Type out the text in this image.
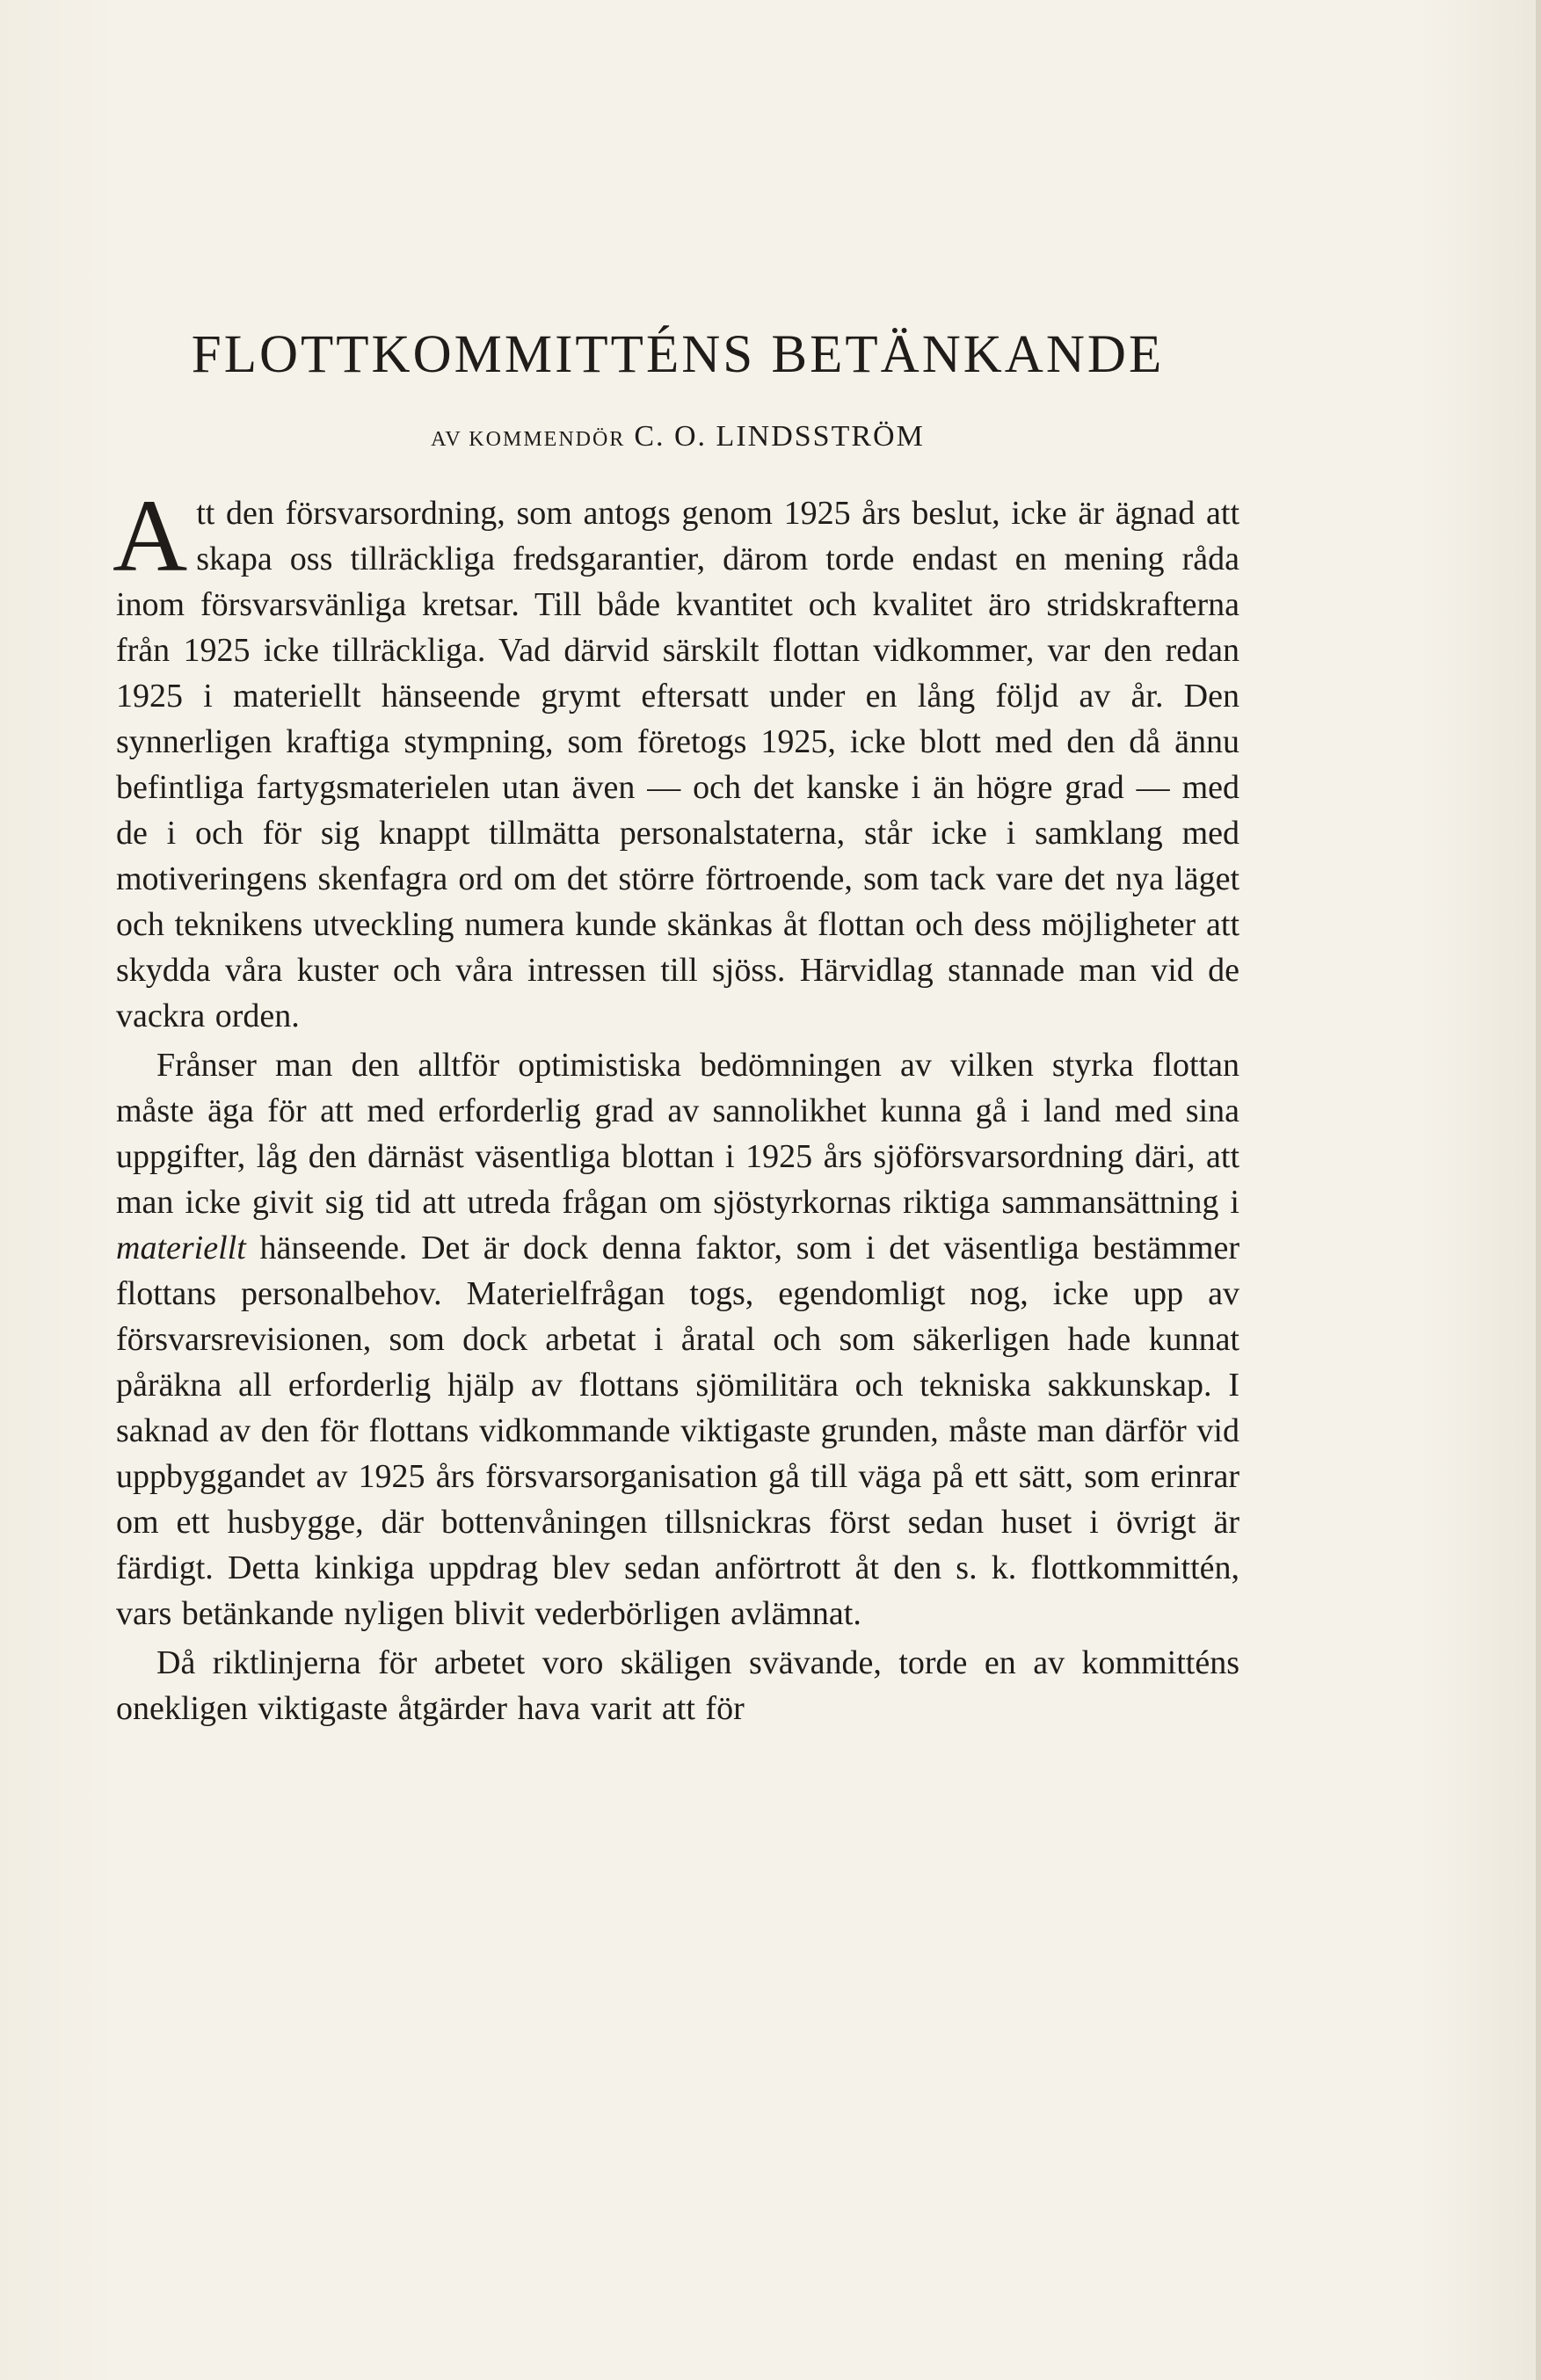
FLOTTKOMMITTÉNS BETÄNKANDE
AV KOMMENDÖR C. O. LINDSSTRÖM

Att den försvarsordning, som antogs genom 1925 års beslut, icke är ägnad att skapa oss tillräckliga fredsgarantier, därom torde endast en mening råda inom försvarsvänliga kretsar. Till både kvantitet och kvalitet äro stridskrafterna från 1925 icke tillräckliga. Vad därvid särskilt flottan vidkommer, var den redan 1925 i materiellt hänseende grymt eftersatt under en lång följd av år. Den synnerligen kraftiga stympning, som företogs 1925, icke blott med den då ännu befintliga fartygsmaterielen utan även — och det kanske i än högre grad — med de i och för sig knappt tillmätta personalstaterna, står icke i samklang med motiveringens skenfagra ord om det större förtroende, som tack vare det nya läget och teknikens utveckling numera kunde skänkas åt flottan och dess möjligheter att skydda våra kuster och våra intressen till sjöss. Härvidlag stannade man vid de vackra orden.

Frånser man den alltför optimistiska bedömningen av vilken styrka flottan måste äga för att med erforderlig grad av sannolikhet kunna gå i land med sina uppgifter, låg den därnäst väsentliga blottan i 1925 års sjöförsvarsordning däri, att man icke givit sig tid att utreda frågan om sjöstyrkornas riktiga sammansättning i materiellt hänseende. Det är dock denna faktor, som i det väsentliga bestämmer flottans personalbehov. Materielfrågan togs, egendomligt nog, icke upp av försvarsrevisionen, som dock arbetat i åratal och som säkerligen hade kunnat påräkna all erforderlig hjälp av flottans sjömilitära och tekniska sakkunskap. I saknad av den för flottans vidkommande viktigaste grunden, måste man därför vid uppbyggandet av 1925 års försvarsorganisation gå till väga på ett sätt, som erinrar om ett husbygge, där bottenvåningen tillsnickras först sedan huset i övrigt är färdigt. Detta kinkiga uppdrag blev sedan anförtrott åt den s. k. flottkommittén, vars betänkande nyligen blivit vederbörligen avlämnat.

Då riktlinjerna för arbetet voro skäligen svävande, torde en av kommitténs onekligen viktigaste åtgärder hava varit att för
